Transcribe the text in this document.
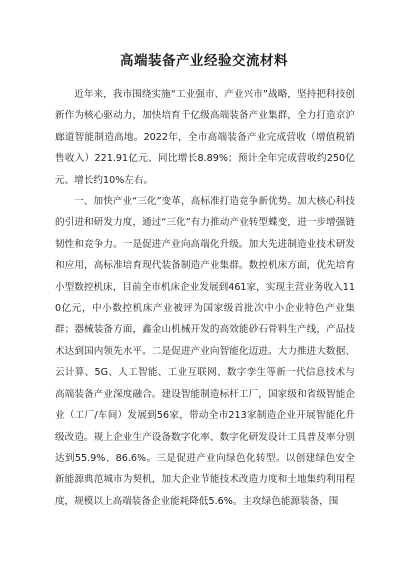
高端装备产业经验交流材料

近年来，我市围绕实施“工业强市、产业兴市”战略，坚持把科技创新作为核心驱动力，加快培育千亿级高端装备产业集群，全力打造京沪廊道智能制造高地。2022年，全市高端装备产业完成营收（增值税销售收入）221.91亿元、同比增长8.89%；预计全年完成营收约250亿元、增长约10%左右。

一、加快产业“三化”变革，高标准打造竞争新优势。加大核心科技的引进和研发力度，通过“三化”有力推动产业转型蝶变，进一步增强链韧性和竞争力。一是促进产业向高端化升级。加大先进制造业技术研发和应用，高标准培育现代装备制造产业集群。数控机床方面，优先培育小型数控机床，目前全市机床企业发展到461家，实现主营业务收入110亿元，中小数控机床产业被评为国家级首批次中小企业特色产业集群；器械装备方面，鑫金山机械开发的高效能砂石骨料生产线，产品技术达到国内领先水平。二是促进产业向智能化迈进。大力推进大数据、云计算、5G、人工智能、工业互联网、数字孪生等新一代信息技术与高端装备产业深度融合。建设智能制造标杆工厂，国家级和省级智能企业（工厂/车间）发展到56家，带动全市213家制造企业开展智能化升级改造。规上企业生产设备数字化率、数字化研发设计工具普及率分别达到55.9%、86.6%。三是促进产业向绿色化转型。以创建绿色安全新能源典范城市为契机，加大企业节能技术改造力度和土地集约利用程度，规模以上高端装备企业能耗降低5.6%。主攻绿色能源装备，围
